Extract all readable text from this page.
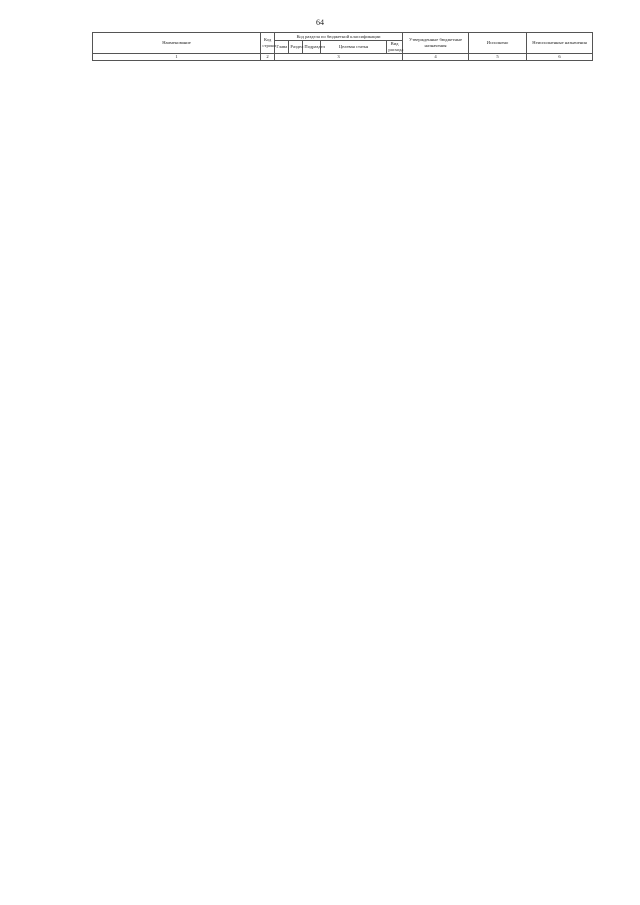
64
Наименование	Код строки	Код раздела по бюджетной классификации					Утвержденные бюджетные назначения	Исполнено	Неисполненные назначения
		Глава	Раздел	Подраздел	Целевая статья	Вид расхода			
1	2	3					4	5	6
